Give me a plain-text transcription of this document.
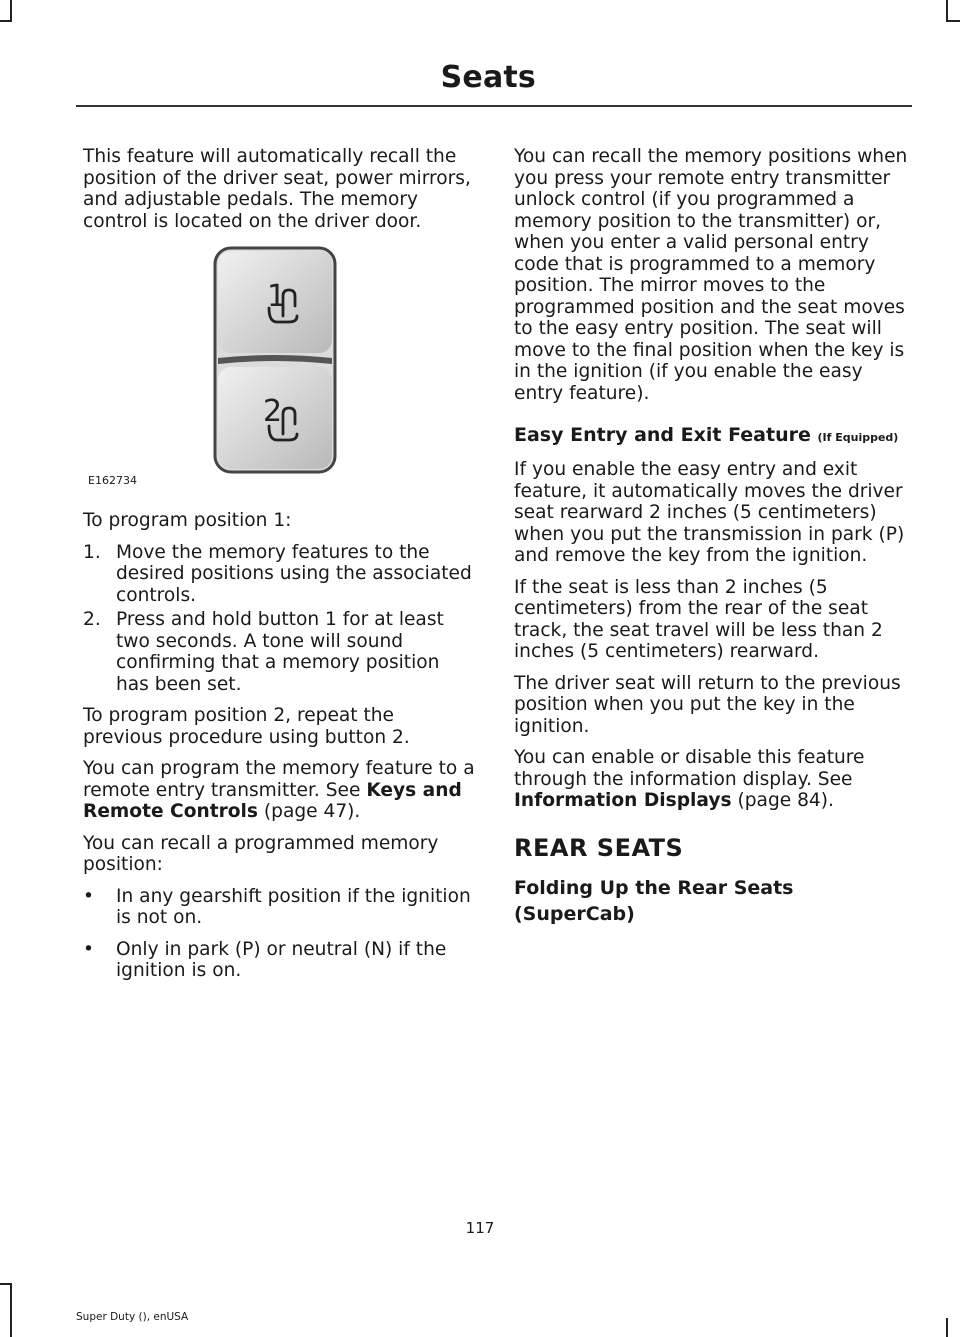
Seats

This feature will automatically recall the position of the driver seat, power mirrors, and adjustable pedals. The memory control is located on the driver door.

1
2
E162734

To program position 1:

1. Move the memory features to the desired positions using the associated controls.
2. Press and hold button 1 for at least two seconds. A tone will sound confirming that a memory position has been set.

To program position 2, repeat the previous procedure using button 2.

You can program the memory feature to a remote entry transmitter. See Keys and Remote Controls (page 47).

You can recall a programmed memory position:

• In any gearshift position if the ignition is not on.
• Only in park (P) or neutral (N) if the ignition is on.

You can recall the memory positions when you press your remote entry transmitter unlock control (if you programmed a memory position to the transmitter) or, when you enter a valid personal entry code that is programmed to a memory position. The mirror moves to the programmed position and the seat moves to the easy entry position. The seat will move to the final position when the key is in the ignition (if you enable the easy entry feature).

Easy Entry and Exit Feature (If Equipped)

If you enable the easy entry and exit feature, it automatically moves the driver seat rearward 2 inches (5 centimeters) when you put the transmission in park (P) and remove the key from the ignition.

If the seat is less than 2 inches (5 centimeters) from the rear of the seat track, the seat travel will be less than 2 inches (5 centimeters) rearward.

The driver seat will return to the previous position when you put the key in the ignition.

You can enable or disable this feature through the information display. See Information Displays (page 84).

REAR SEATS
Folding Up the Rear Seats (SuperCab)
117
Super Duty (), enUSA
